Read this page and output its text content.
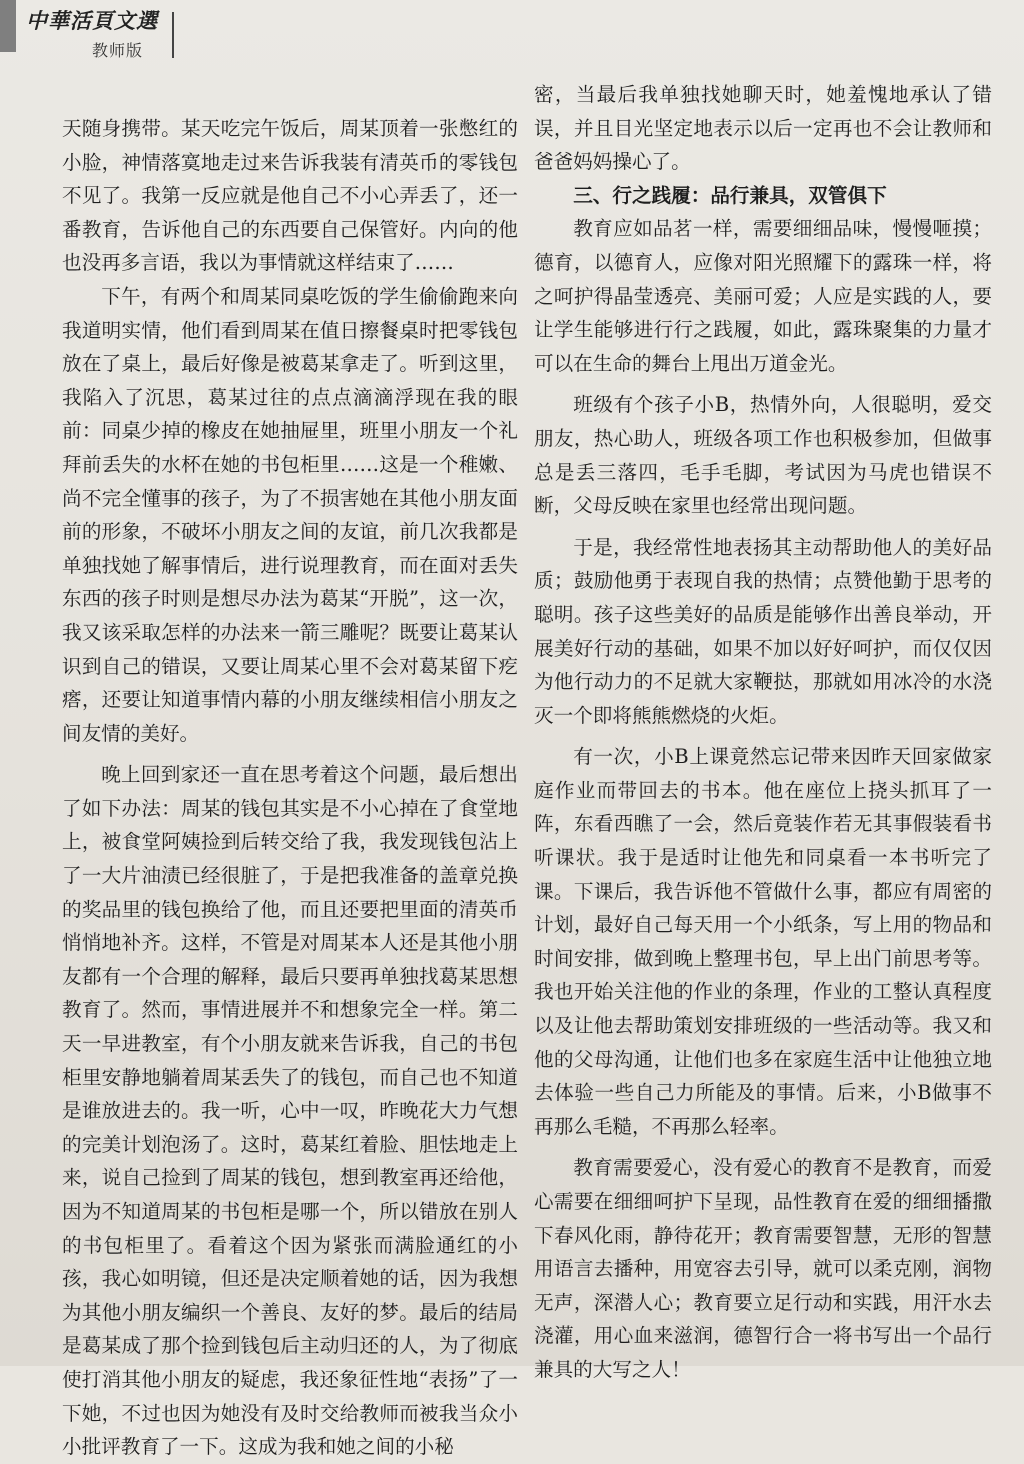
中華活頁文選
教师版

天随身携带。某天吃完午饭后，周某顶着一张憋红的小脸，神情落寞地走过来告诉我装有清英币的零钱包不见了。我第一反应就是他自己不小心弄丢了，还一番教育，告诉他自己的东西要自己保管好。内向的他也没再多言语，我以为事情就这样结束了……

下午，有两个和周某同桌吃饭的学生偷偷跑来向我道明实情，他们看到周某在值日擦餐桌时把零钱包放在了桌上，最后好像是被葛某拿走了。听到这里，我陷入了沉思，葛某过往的点点滴滴浮现在我的眼前：同桌少掉的橡皮在她抽屉里，班里小朋友一个礼拜前丢失的水杯在她的书包柜里……这是一个稚嫩、尚不完全懂事的孩子，为了不损害她在其他小朋友面前的形象，不破坏小朋友之间的友谊，前几次我都是单独找她了解事情后，进行说理教育，而在面对丢失东西的孩子时则是想尽办法为葛某“开脱”，这一次，我又该采取怎样的办法来一箭三雕呢？既要让葛某认识到自己的错误，又要让周某心里不会对葛某留下疙瘩，还要让知道事情内幕的小朋友继续相信小朋友之间友情的美好。

晚上回到家还一直在思考着这个问题，最后想出了如下办法：周某的钱包其实是不小心掉在了食堂地上，被食堂阿姨捡到后转交给了我，我发现钱包沾上了一大片油渍已经很脏了，于是把我准备的盖章兑换的奖品里的钱包换给了他，而且还要把里面的清英币悄悄地补齐。这样，不管是对周某本人还是其他小朋友都有一个合理的解释，最后只要再单独找葛某思想教育了。然而，事情进展并不和想象完全一样。第二天一早进教室，有个小朋友就来告诉我，自己的书包柜里安静地躺着周某丢失了的钱包，而自己也不知道是谁放进去的。我一听，心中一叹，昨晚花大力气想的完美计划泡汤了。这时，葛某红着脸、胆怯地走上来，说自己捡到了周某的钱包，想到教室再还给他，因为不知道周某的书包柜是哪一个，所以错放在别人的书包柜里了。看着这个因为紧张而满脸通红的小孩，我心如明镜，但还是决定顺着她的话，因为我想为其他小朋友编织一个善良、友好的梦。最后的结局是葛某成了那个捡到钱包后主动归还的人，为了彻底使打消其他小朋友的疑虑，我还象征性地“表扬”了一下她，不过也因为她没有及时交给教师而被我当众小小批评教育了一下。这成为我和她之间的小秘

密，当最后我单独找她聊天时，她羞愧地承认了错误，并且目光坚定地表示以后一定再也不会让教师和爸爸妈妈操心了。

三、行之践履：品行兼具，双管俱下

教育应如品茗一样，需要细细品味，慢慢咂摸；德育，以德育人，应像对阳光照耀下的露珠一样，将之呵护得晶莹透亮、美丽可爱；人应是实践的人，要让学生能够进行行之践履，如此，露珠聚集的力量才可以在生命的舞台上甩出万道金光。

班级有个孩子小B，热情外向，人很聪明，爱交朋友，热心助人，班级各项工作也积极参加，但做事总是丢三落四，毛手毛脚，考试因为马虎也错误不断，父母反映在家里也经常出现问题。

于是，我经常性地表扬其主动帮助他人的美好品质；鼓励他勇于表现自我的热情；点赞他勤于思考的聪明。孩子这些美好的品质是能够作出善良举动，开展美好行动的基础，如果不加以好好呵护，而仅仅因为他行动力的不足就大家鞭挞，那就如用冰冷的水浇灭一个即将熊熊燃烧的火炬。

有一次，小B上课竟然忘记带来因昨天回家做家庭作业而带回去的书本。他在座位上挠头抓耳了一阵，东看西瞧了一会，然后竟装作若无其事假装看书听课状。我于是适时让他先和同桌看一本书听完了课。下课后，我告诉他不管做什么事，都应有周密的计划，最好自己每天用一个小纸条，写上用的物品和时间安排，做到晚上整理书包，早上出门前思考等。我也开始关注他的作业的条理，作业的工整认真程度以及让他去帮助策划安排班级的一些活动等。我又和他的父母沟通，让他们也多在家庭生活中让他独立地去体验一些自己力所能及的事情。后来，小B做事不再那么毛糙，不再那么轻率。

教育需要爱心，没有爱心的教育不是教育，而爱心需要在细细呵护下呈现，品性教育在爱的细细播撒下春风化雨，静待花开；教育需要智慧，无形的智慧用语言去播种，用宽容去引导，就可以柔克刚，润物无声，深潜人心；教育要立足行动和实践，用汗水去浇灌，用心血来滋润，德智行合一将书写出一个品行兼具的大写之人！
